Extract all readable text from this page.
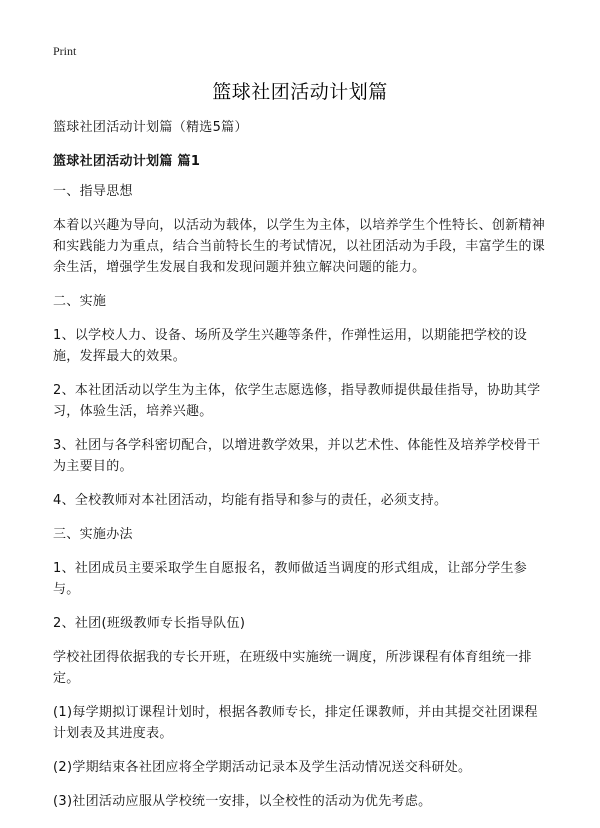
Print
篮球社团活动计划篇

篮球社团活动计划篇（精选5篇）

篮球社团活动计划篇 篇1

一、指导思想

本着以兴趣为导向，以活动为载体，以学生为主体，以培养学生个性特长、创新精神和实践能力为重点，结合当前特长生的考试情况，以社团活动为手段，丰富学生的课余生活，增强学生发展自我和发现问题并独立解决问题的能力。

二、实施

1、以学校人力、设备、场所及学生兴趣等条件，作弹性运用，以期能把学校的设施，发挥最大的效果。

2、本社团活动以学生为主体，依学生志愿选修，指导教师提供最佳指导，协助其学习，体验生活，培养兴趣。

3、社团与各学科密切配合，以增进教学效果，并以艺术性、体能性及培养学校骨干为主要目的。

4、全校教师对本社团活动，均能有指导和参与的责任，必须支持。

三、实施办法

1、社团成员主要采取学生自愿报名，教师做适当调度的形式组成，让部分学生参与。

2、社团(班级教师专长指导队伍)

学校社团得依据我的专长开班，在班级中实施统一调度，所涉课程有体育组统一排定。

(1)每学期拟订课程计划时，根据各教师专长，排定任课教师，并由其提交社团课程计划表及其进度表。

(2)学期结束各社团应将全学期活动记录本及学生活动情况送交科研处。

(3)社团活动应服从学校统一安排，以全校性的活动为优先考虑。
